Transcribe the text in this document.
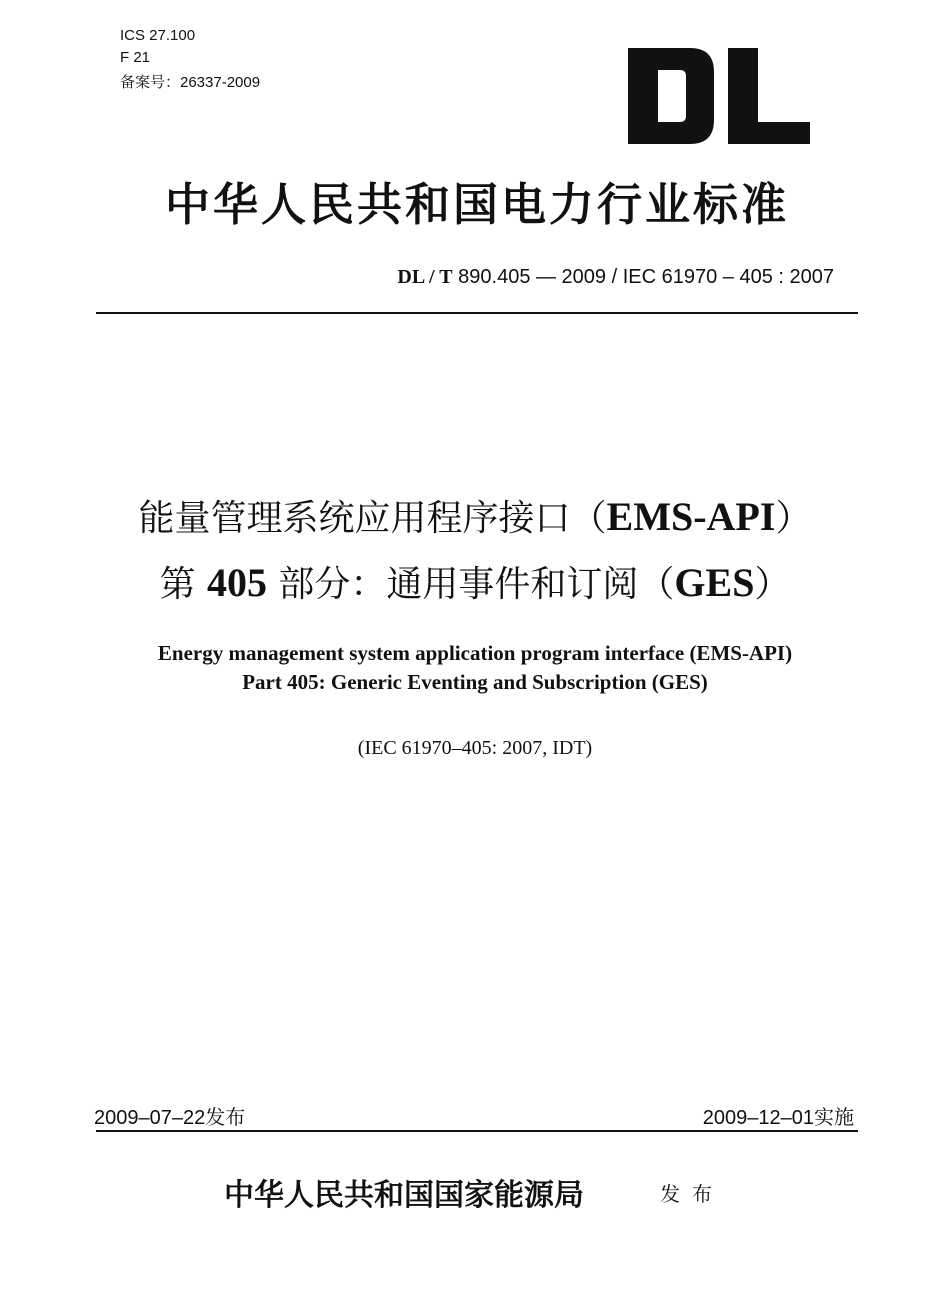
ICS 27.100
F 21
备案号：26337-2009
中华人民共和国电力行业标准
DL / T 890.405 — 2009 / IEC 61970 – 405 : 2007
能量管理系统应用程序接口（EMS-API）
第 405 部分：通用事件和订阅（GES）
Energy management system application program interface (EMS-API)
Part 405: Generic Eventing and Subscription (GES)
(IEC 61970–405: 2007, IDT)
2009–07–22发布	2009–12–01实施
中华人民共和国国家能源局	发布
